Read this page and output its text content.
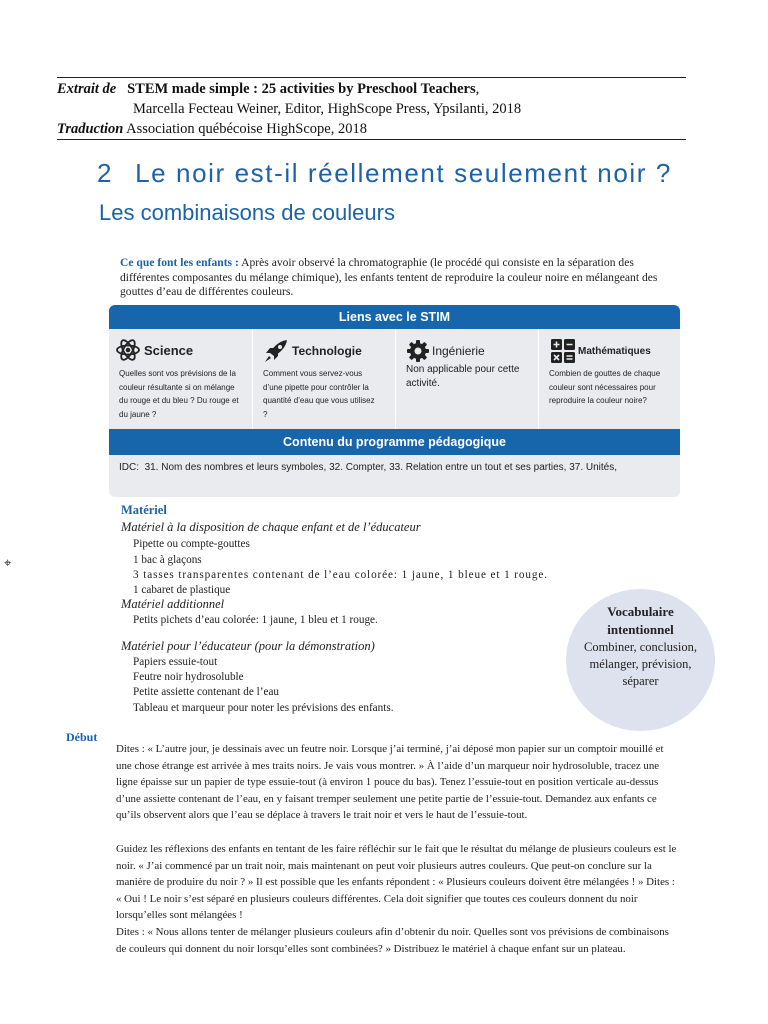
Extrait de STEM made simple : 25 activities by Preschool Teachers,
Marcella Fecteau Weiner, Editor, HighScope Press, Ypsilanti, 2018
Traduction Association québécoise HighScope, 2018
2 Le noir est-il réellement seulement noir ?
Les combinaisons de couleurs
Ce que font les enfants : Après avoir observé la chromatographie (le procédé qui consiste en la séparation des différentes composantes du mélange chimique), les enfants tentent de reproduire la couleur noire en mélangeant des gouttes d’eau de différentes couleurs.
Liens avec le STIM
Science
Quelles sont vos prévisions de la couleur résultante si on mélange du rouge et du bleu ? Du rouge et du jaune ?
Technologie
Comment vous servez-vous d’une pipette pour contrôler la quantité d’eau que vous utilisez ?
Ingénierie
Non applicable pour cette activité.
Mathématiques
Combien de gouttes de chaque couleur sont nécessaires pour reproduire la couleur noire?
Contenu du programme pédagogique
IDC: 31. Nom des nombres et leurs symboles, 32. Compter, 33. Relation entre un tout et ses parties, 37. Unités,
Matériel
Matériel à la disposition de chaque enfant et de l’éducateur
Pipette ou compte-gouttes
1 bac à glaçons
3 tasses transparentes contenant de l’eau colorée: 1 jaune, 1 bleue et 1 rouge.
1 cabaret de plastique
Matériel additionnel
Petits pichets d’eau colorée: 1 jaune, 1 bleu et 1 rouge.
Matériel pour l’éducateur (pour la démonstration)
Papiers essuie-tout
Feutre noir hydrosoluble
Petite assiette contenant de l’eau
Tableau et marqueur pour noter les prévisions des enfants.
⌖
Vocabulaire
intentionnel
Combiner, conclusion, mélanger, prévision, séparer
Début
Dites : « L’autre jour, je dessinais avec un feutre noir. Lorsque j’ai terminé, j’ai déposé mon papier sur un comptoir mouillé et une chose étrange est arrivée à mes traits noirs. Je vais vous montrer. » À l’aide d’un marqueur noir hydrosoluble, tracez une ligne épaisse sur un papier de type essuie-tout (à environ 1 pouce du bas). Tenez l’essuie-tout en position verticale au-dessus d’une assiette contenant de l’eau, en y faisant tremper seulement une petite partie de l’essuie-tout. Demandez aux enfants ce qu’ils observent alors que l’eau se déplace à travers le trait noir et vers le haut de l’essuie-tout.
Guidez les réflexions des enfants en tentant de les faire réfléchir sur le fait que le résultat du mélange de plusieurs couleurs est le noir. « J’ai commencé par un trait noir, mais maintenant on peut voir plusieurs autres couleurs. Que peut-on conclure sur la manière de produire du noir ? » Il est possible que les enfants répondent : « Plusieurs couleurs doivent être mélangées ! » Dites : « Oui ! Le noir s’est séparé en plusieurs couleurs différentes. Cela doit signifier que toutes ces couleurs donnent du noir lorsqu’elles sont mélangées !
Dites : « Nous allons tenter de mélanger plusieurs couleurs afin d’obtenir du noir. Quelles sont vos prévisions de combinaisons de couleurs qui donnent du noir lorsqu’elles sont combinées? » Distribuez le matériel à chaque enfant sur un plateau.
